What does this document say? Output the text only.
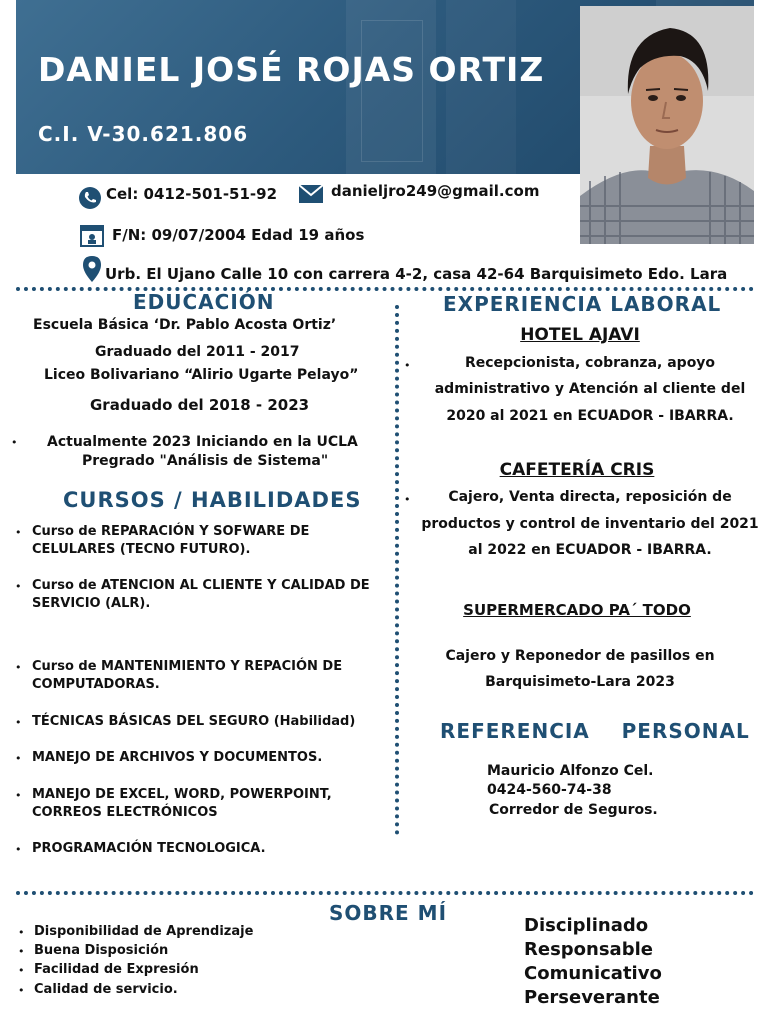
DANIEL JOSÉ ROJAS ORTIZ
C.I. V-30.621.806
Cel: 0412-501-51-92	danieljro249@gmail.com
F/N: 09/07/2004 Edad 19 años
Urb. El Ujano Calle 10 con carrera 4-2, casa 42-64 Barquisimeto Edo. Lara
EDUCACIÓN
Escuela Básica ‘Dr. Pablo Acosta Ortiz’
Graduado del 2011 - 2017
Liceo Bolivariano “Alirio Ugarte Pelayo”
Graduado del 2018 - 2023
• Actualmente 2023 Iniciando en la UCLA
Pregrado "Análisis de Sistema"
CURSOS / HABILIDADES
• Curso de REPARACIÓN Y SOFWARE DE
CELULARES (TECNO FUTURO).
• Curso de ATENCION AL CLIENTE Y CALIDAD DE
SERVICIO (ALR).
• Curso de MANTENIMIENTO Y REPACIÓN DE
COMPUTADORAS.
• TÉCNICAS BÁSICAS DEL SEGURO (Habilidad)
• MANEJO DE ARCHIVOS Y DOCUMENTOS.
• MANEJO DE EXCEL, WORD, POWERPOINT,
CORREOS ELECTRÓNICOS
• PROGRAMACIÓN TECNOLOGICA.
EXPERIENCIA LABORAL
HOTEL AJAVI
•	Recepcionista, cobranza, apoyo
administrativo y Atención al cliente del
2020 al 2021 en ECUADOR - IBARRA.
CAFETERÍA CRIS
•	Cajero, Venta directa, reposición de
productos y control de inventario del 2021
al 2022 en ECUADOR - IBARRA.
SUPERMERCADO PA´ TODO
Cajero y Reponedor de pasillos en
Barquisimeto-Lara 2023
REFERENCIA    PERSONAL
Mauricio Alfonzo Cel.
0424-560-74-38
Corredor de Seguros.
SOBRE MÍ
• Disponibilidad de Aprendizaje
• Buena Disposición
• Facilidad de Expresión
• Calidad de servicio.
Disciplinado
Responsable
Comunicativo
Perseverante
